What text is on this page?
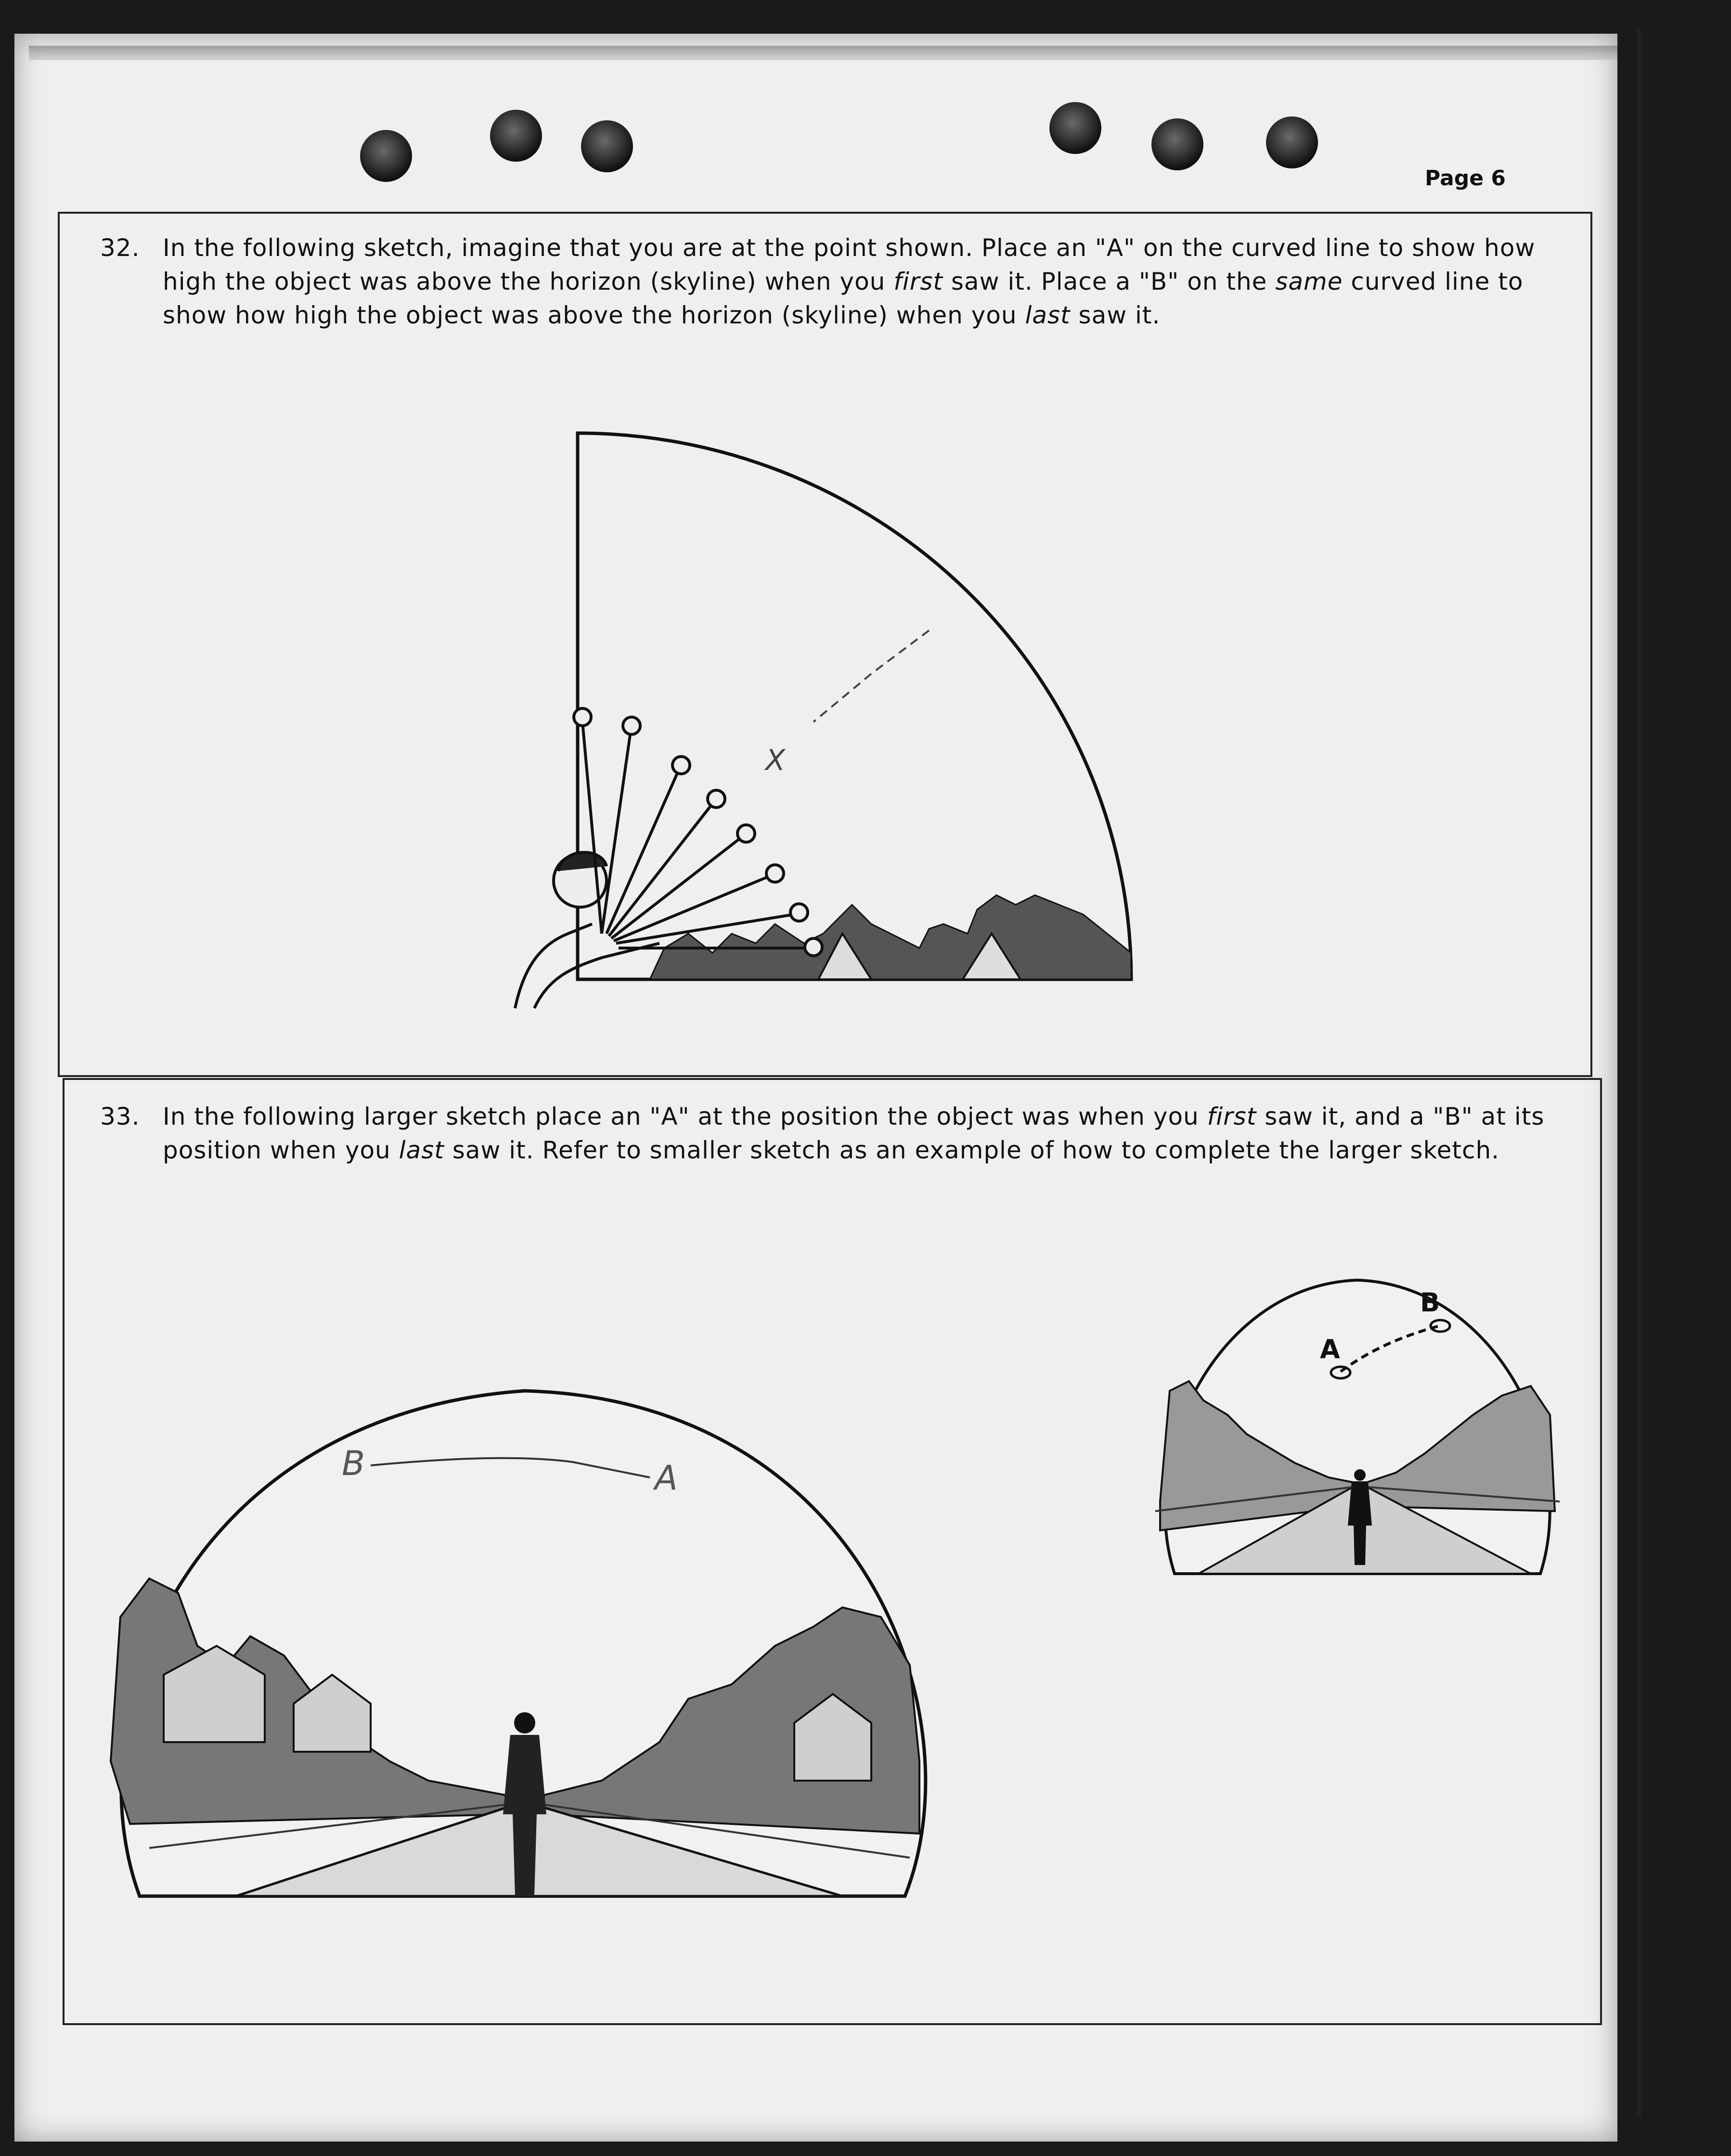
Page 6
32. In the following sketch, imagine that you are at the point shown. Place an "A" on the curved line to show how
high the object was above the horizon (skyline) when you first saw it. Place a "B" on the same curved line to
show how high the object was above the horizon (skyline) when you last saw it.
X
33. In the following larger sketch place an "A" at the position the object was when you first saw it, and a "B" at its
position when you last saw it. Refer to smaller sketch as an example of how to complete the larger sketch.
B	A
A
B
